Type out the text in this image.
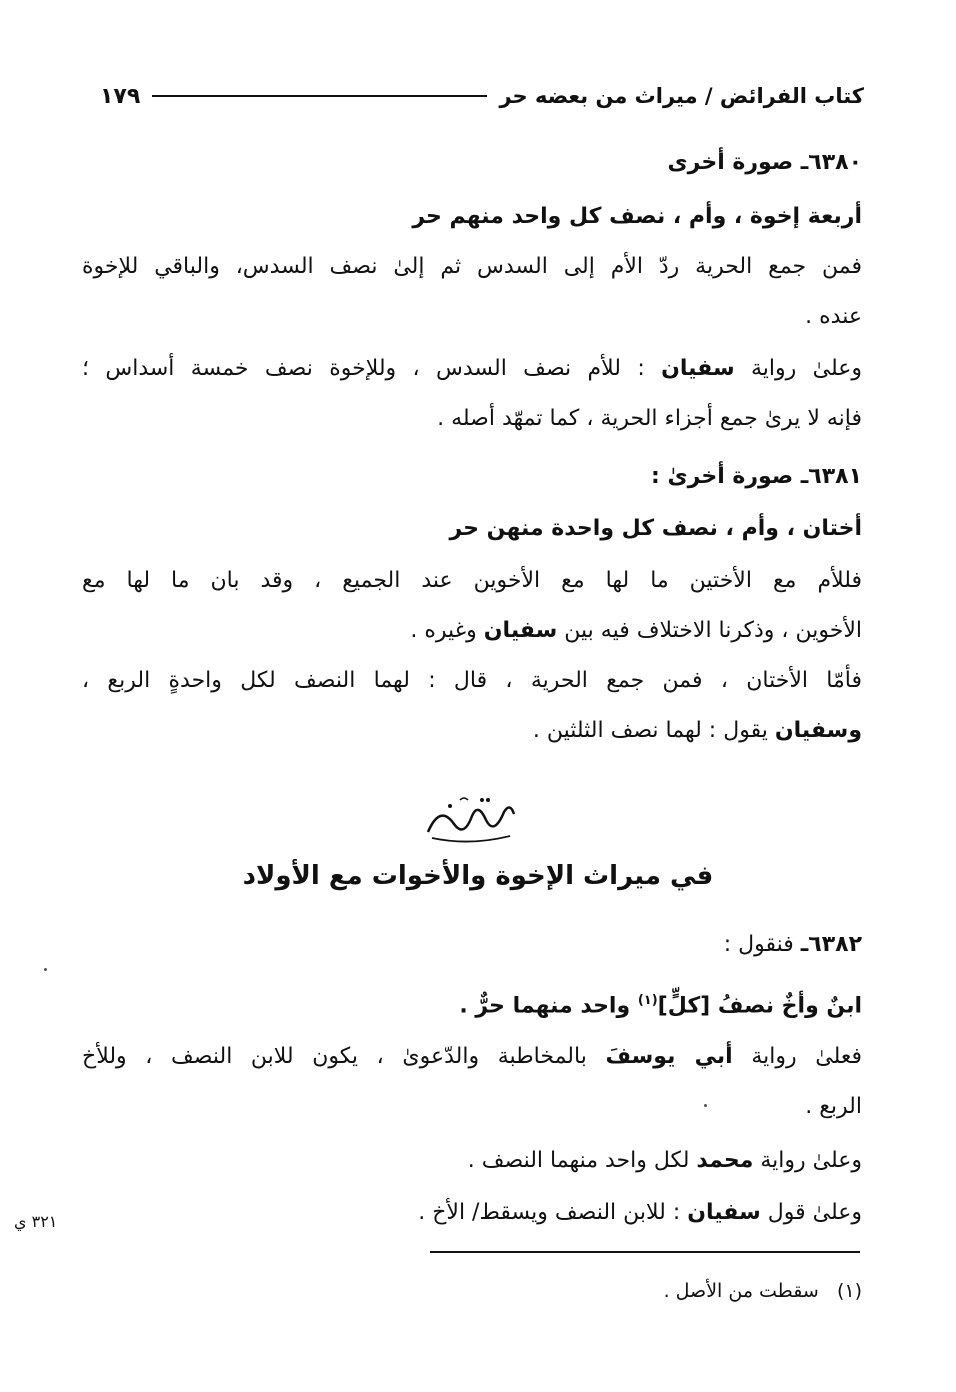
كتاب الفرائض / ميراث من بعضه حر
١٧٩
٦٣٨٠ـ صورة أخرى
أربعة إخوة ، وأم ، نصف كل واحد منهم حر
فمن جمع الحرية ردّ الأم إلى السدس ثم إلىٰ نصف السدس، والباقي للإخوة
عنده .
وعلىٰ رواية سفيان : للأم نصف السدس ، وللإخوة نصف خمسة أسداس ؛
فإنه لا يرىٰ جمع أجزاء الحرية ، كما تمهّد أصله .
٦٣٨١ـ صورة أخرىٰ :
أختان ، وأم ، نصف كل واحدة منهن حر
فللأم مع الأختين ما لها مع الأخوين عند الجميع ، وقد بان ما لها مع
الأخوين ، وذكرنا الاختلاف فيه بين سفيان وغيره .
فأمّا الأختان ، فمن جمع الحرية ، قال : لهما النصف لكل واحدةٍ الربع ،
وسفيان يقول : لهما نصف الثلثين .
في ميراث الإخوة والأخوات مع الأولاد
٦٣٨٢ـ فنقول :
ابنٌ وأخٌ نصفُ [كلٍّ]$^{(١)}$ واحد منهما حرٌّ .
فعلىٰ رواية أبي يوسفَ بالمخاطبة والدّعوىٰ ، يكون للابن النصف ، وللأخ
الربع .
وعلىٰ رواية محمد لكل واحد منهما النصف .
وعلىٰ قول سفيان : للابن النصف ويسقط/ الأخ .
٣٢١ ي
(١)   سقطت من الأصل .
